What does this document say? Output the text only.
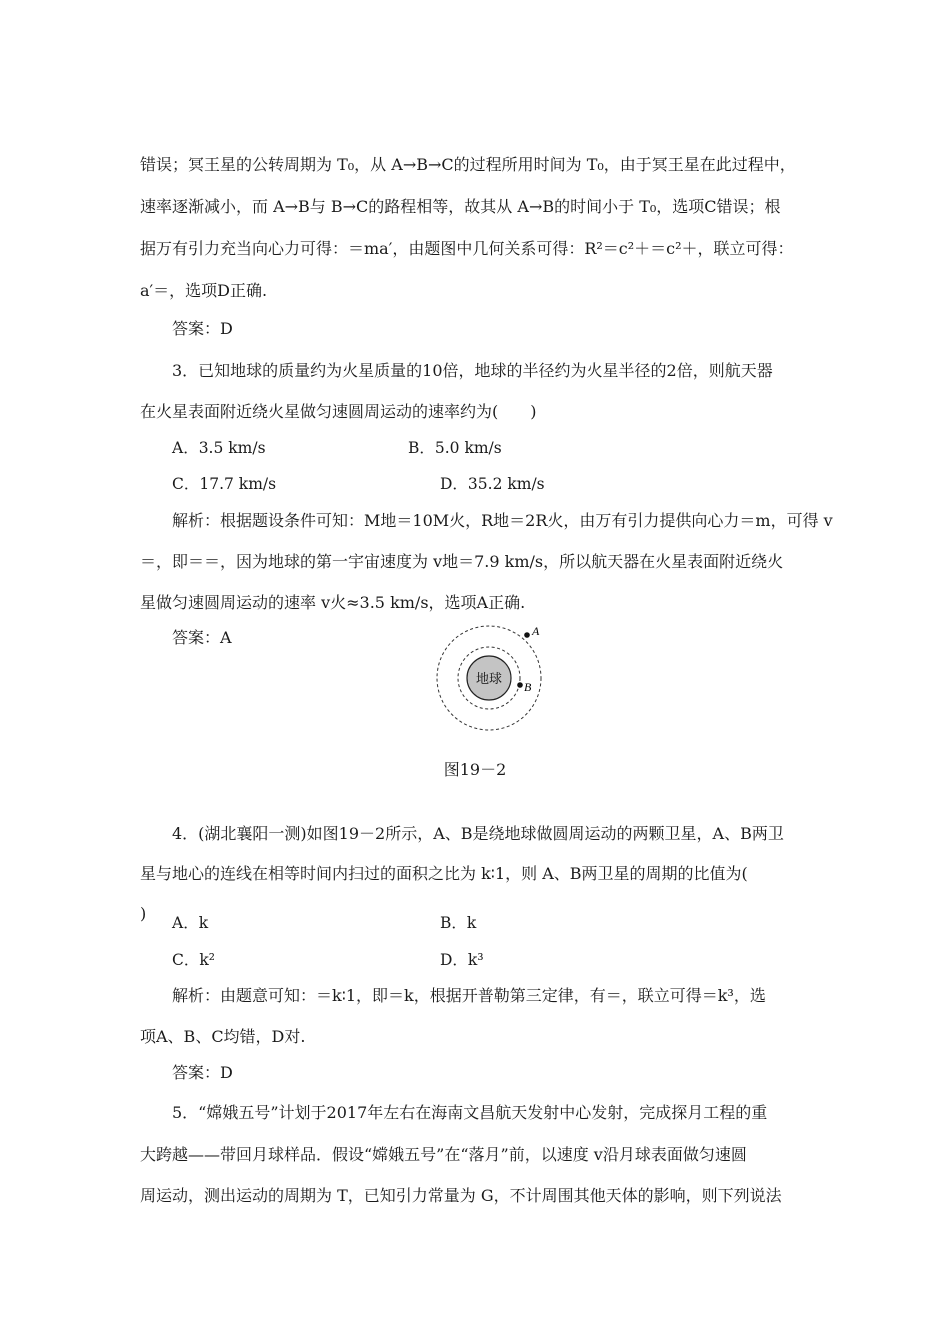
错误；冥王星的公转周期为 T₀，从 A→B→C的过程所用时间为 T₀，由于冥王星在此过程中，
速率逐渐减小，而 A→B与 B→C的路程相等，故其从 A→B的时间小于 T₀，选项C错误；根
据万有引力充当向心力可得：＝ma′，由题图中几何关系可得：R²＝c²＋＝c²＋，联立可得：
a′＝，选项D正确.
答案：D
3．已知地球的质量约为火星质量的10倍，地球的半径约为火星半径的2倍，则航天器
在火星表面附近绕火星做匀速圆周运动的速率约为(　　)
A．3.5 km/s	B．5.0 km/s
C．17.7 km/s	D．35.2 km/s
解析：根据题设条件可知：M地＝10M火，R地＝2R火，由万有引力提供向心力＝m，可得 v
＝，即＝＝，因为地球的第一宇宙速度为 v地＝7.9 km/s，所以航天器在火星表面附近绕火
星做匀速圆周运动的速率 v火≈3.5 km/s，选项A正确.
答案：A
地球
A
B
图19－2
4．(湖北襄阳一测)如图19－2所示，A、B是绕地球做圆周运动的两颗卫星，A、B两卫
星与地心的连线在相等时间内扫过的面积之比为 k∶1，则 A、B两卫星的周期的比值为(
) A．k	B．k
C．k²	D．k³
解析：由题意可知：＝k∶1，即＝k，根据开普勒第三定律，有＝，联立可得＝k³，选
项A、B、C均错，D对.
答案：D
5．“嫦娥五号”计划于2017年左右在海南文昌航天发射中心发射，完成探月工程的重
大跨越——带回月球样品．假设“嫦娥五号”在“落月”前，以速度 v沿月球表面做匀速圆
周运动，测出运动的周期为 T，已知引力常量为 G，不计周围其他天体的影响，则下列说法
